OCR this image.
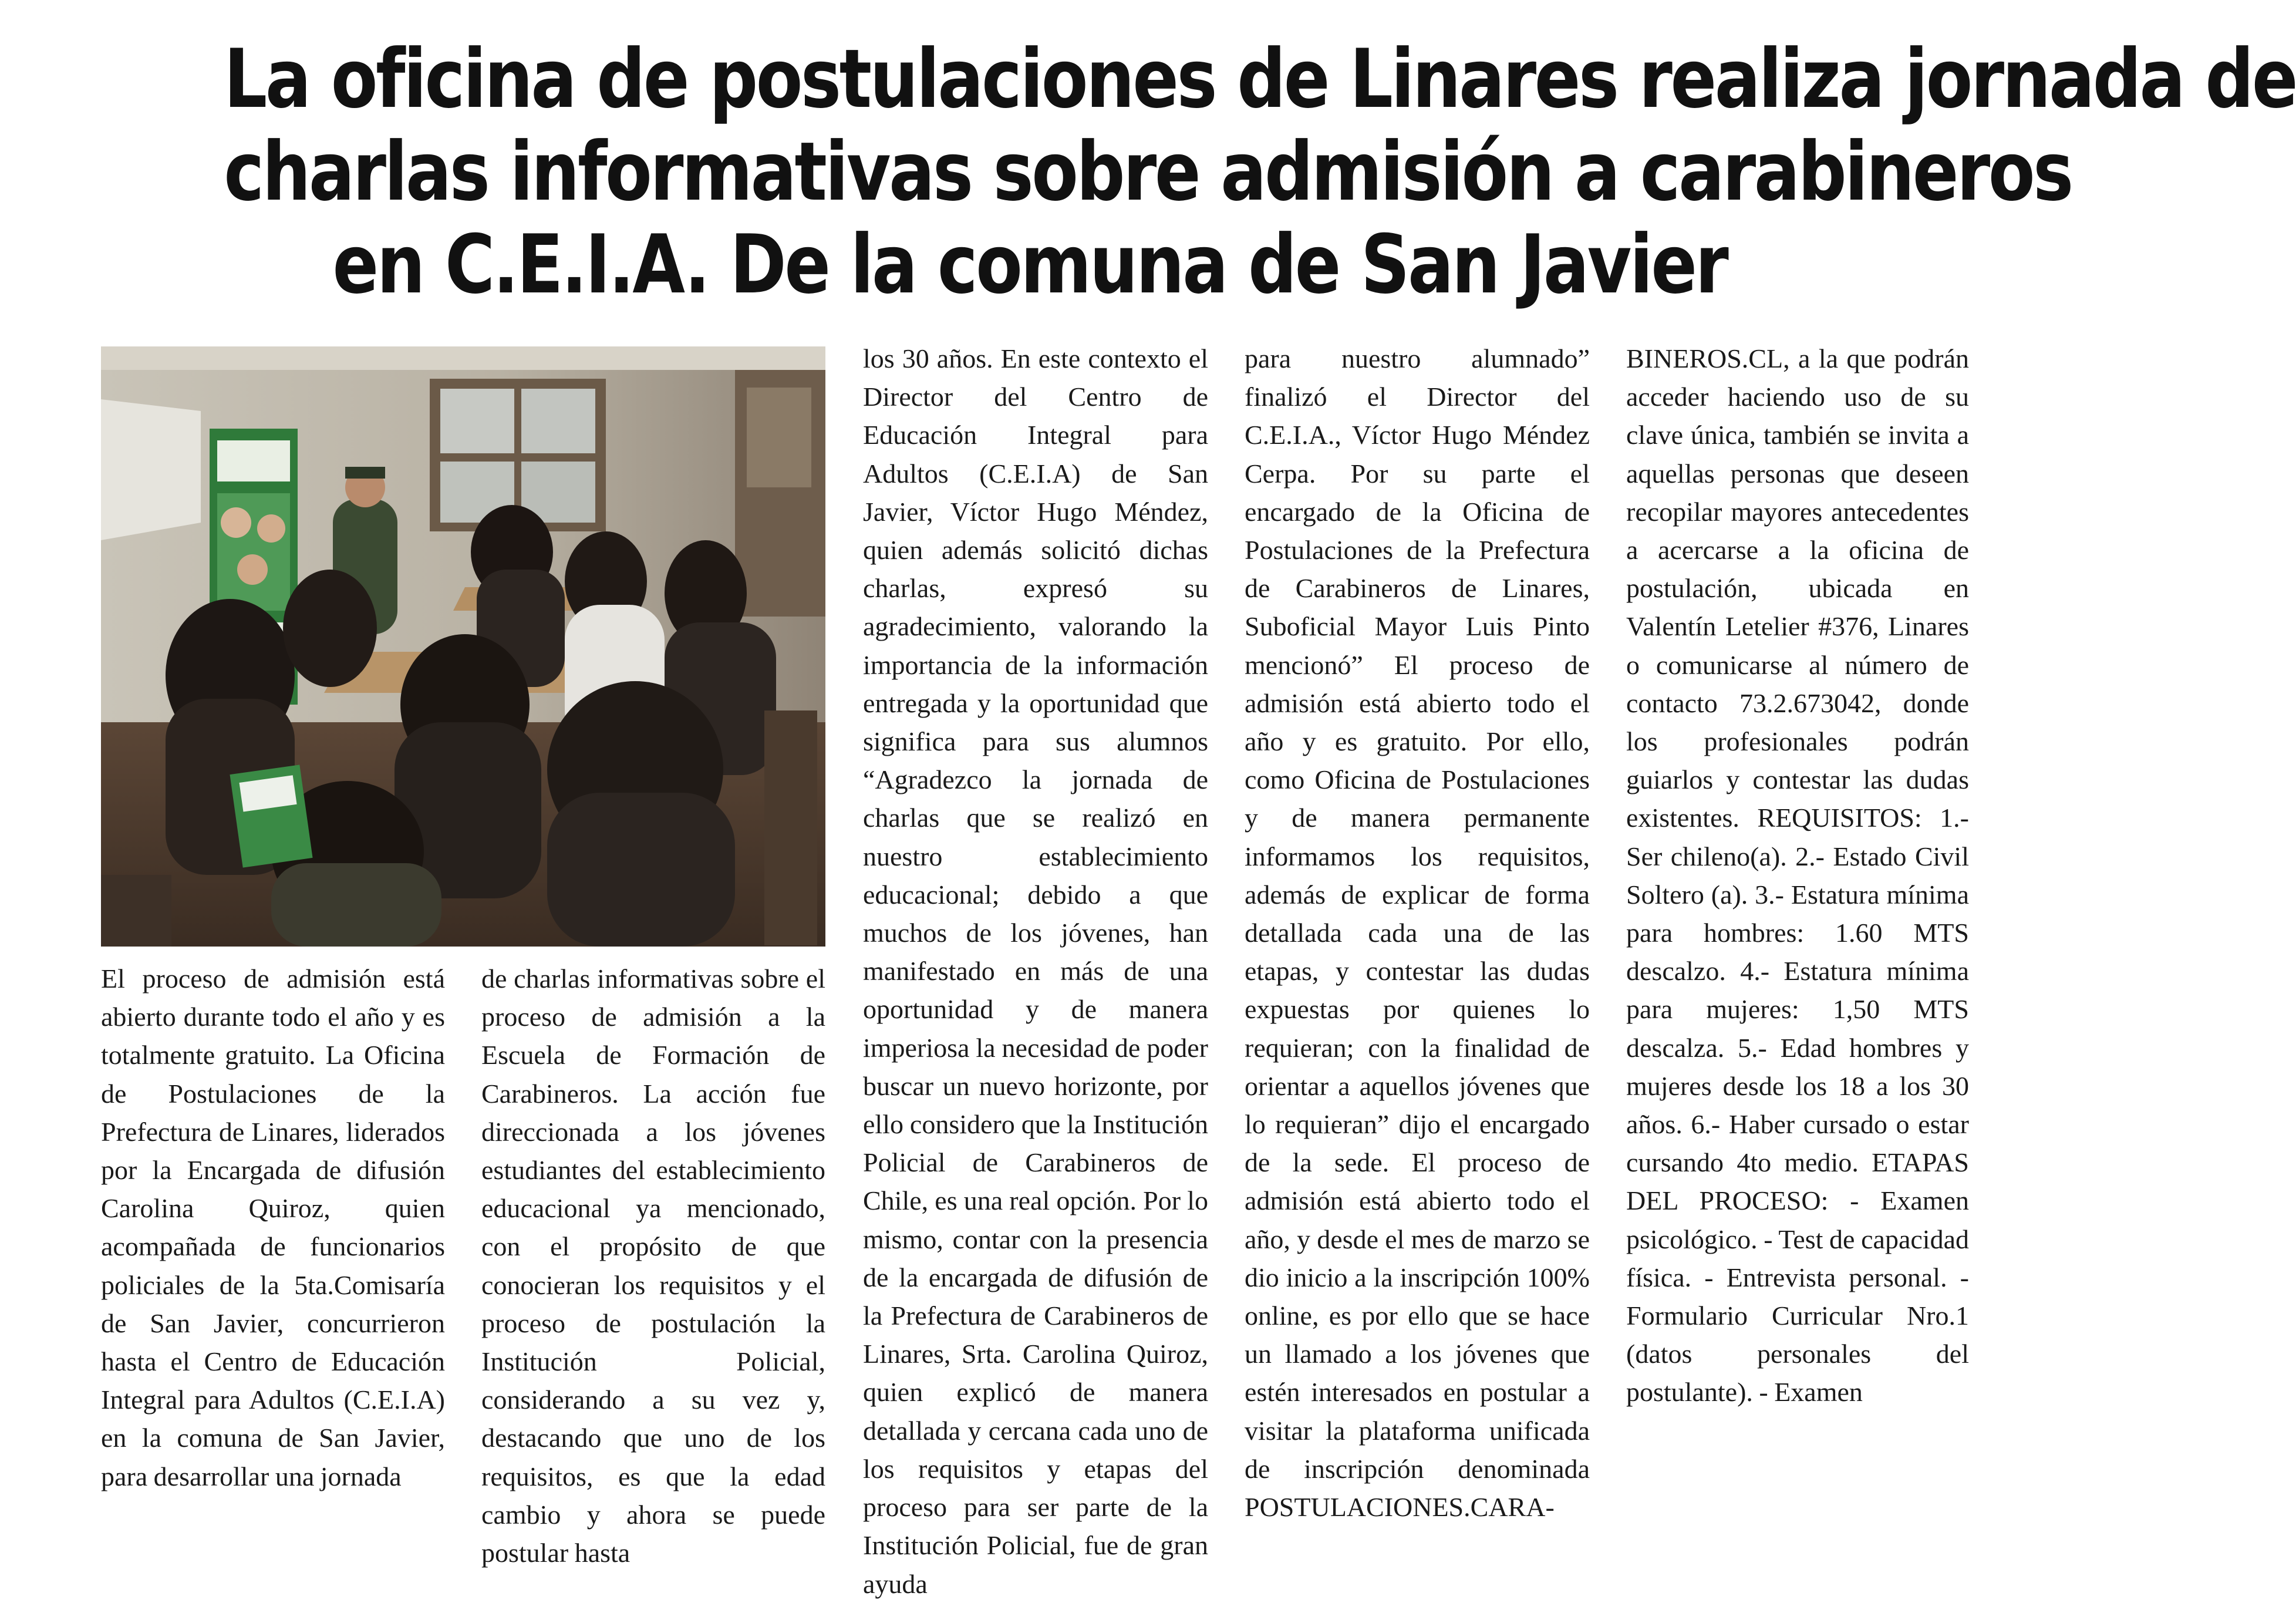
La oficina de postulaciones de Linares realiza jornada de
charlas informativas sobre admisión a carabineros
en C.E.I.A. De la comuna de San Javier

El proceso de admisión está abierto durante todo el año y es totalmente gratuito. La Oficina de Postulaciones de la Prefectura de Linares, liderados por la Encargada de difusión Carolina Quiroz, quien acompañada de funcionarios policiales de la 5ta.Comisaría de San Javier, concurrieron hasta el Centro de Educación Integral para Adultos (C.E.I.A) en la comuna de San Javier, para desarrollar una jornada

de charlas informativas sobre el proceso de admisión a la Escuela de Formación de Carabineros. La acción fue direccionada a los jóvenes estudiantes del establecimiento educacional ya mencionado, con el propósito de que conocieran los requisitos y el proceso de postulación la Institución Policial, considerando a su vez y, destacando que uno de los requisitos, es que la edad cambio y ahora se puede postular hasta

los 30 años. En este contexto el Director del Centro de Educación Integral para Adultos (C.E.I.A) de San Javier, Víctor Hugo Méndez, quien además solicitó dichas charlas, expresó su agradecimiento, valorando la importancia de la información entregada y la oportunidad que significa para sus alumnos “Agradezco la jornada de charlas que se realizó en nuestro establecimiento educacional; debido a que muchos de los jóvenes, han manifestado en más de una oportunidad y de manera imperiosa la necesidad de poder buscar un nuevo horizonte, por ello considero que la Institución Policial de Carabineros de Chile, es una real opción. Por lo mismo, contar con la presencia de la encargada de difusión de la Prefectura de Carabineros de Linares, Srta. Carolina Quiroz, quien explicó de manera detallada y cercana cada uno de los requisitos y etapas del proceso para ser parte de la Institución Policial, fue de gran ayuda

para nuestro alumnado” finalizó el Director del C.E.I.A., Víctor Hugo Méndez Cerpa. Por su parte el encargado de la Oficina de Postulaciones de la Prefectura de Carabineros de Linares, Suboficial Mayor Luis Pinto mencionó” El proceso de admisión está abierto todo el año y es gratuito. Por ello, como Oficina de Postulaciones y de manera permanente informamos los requisitos, además de explicar de forma detallada cada una de las etapas, y contestar las dudas expuestas por quienes lo requieran; con la finalidad de orientar a aquellos jóvenes que lo requieran” dijo el encargado de la sede. El proceso de admisión está abierto todo el año, y desde el mes de marzo se dio inicio a la inscripción 100% online, es por ello que se hace un llamado a los jóvenes que estén interesados en postular a visitar la plataforma unificada de inscripción denominada POSTULACIONES.CARA-

BINEROS.CL, a la que podrán acceder haciendo uso de su clave única, también se invita a aquellas personas que deseen recopilar mayores antecedentes a acercarse a la oficina de postulación, ubicada en Valentín Letelier #376, Linares o comunicarse al número de contacto 73.2.673042, donde los profesionales podrán guiarlos y contestar las dudas existentes. REQUISITOS: 1.- Ser chileno(a). 2.- Estado Civil Soltero (a). 3.- Estatura mínima para hombres: 1.60 MTS descalzo. 4.- Estatura mínima para mujeres: 1,50 MTS descalza. 5.- Edad hombres y mujeres desde los 18 a los 30 años. 6.- Haber cursado o estar cursando 4to medio. ETAPAS DEL PROCESO: - Examen psicológico. - Test de capacidad física. - Entrevista personal. - Formulario Curricular Nro.1 (datos personales del postulante). - Examen
